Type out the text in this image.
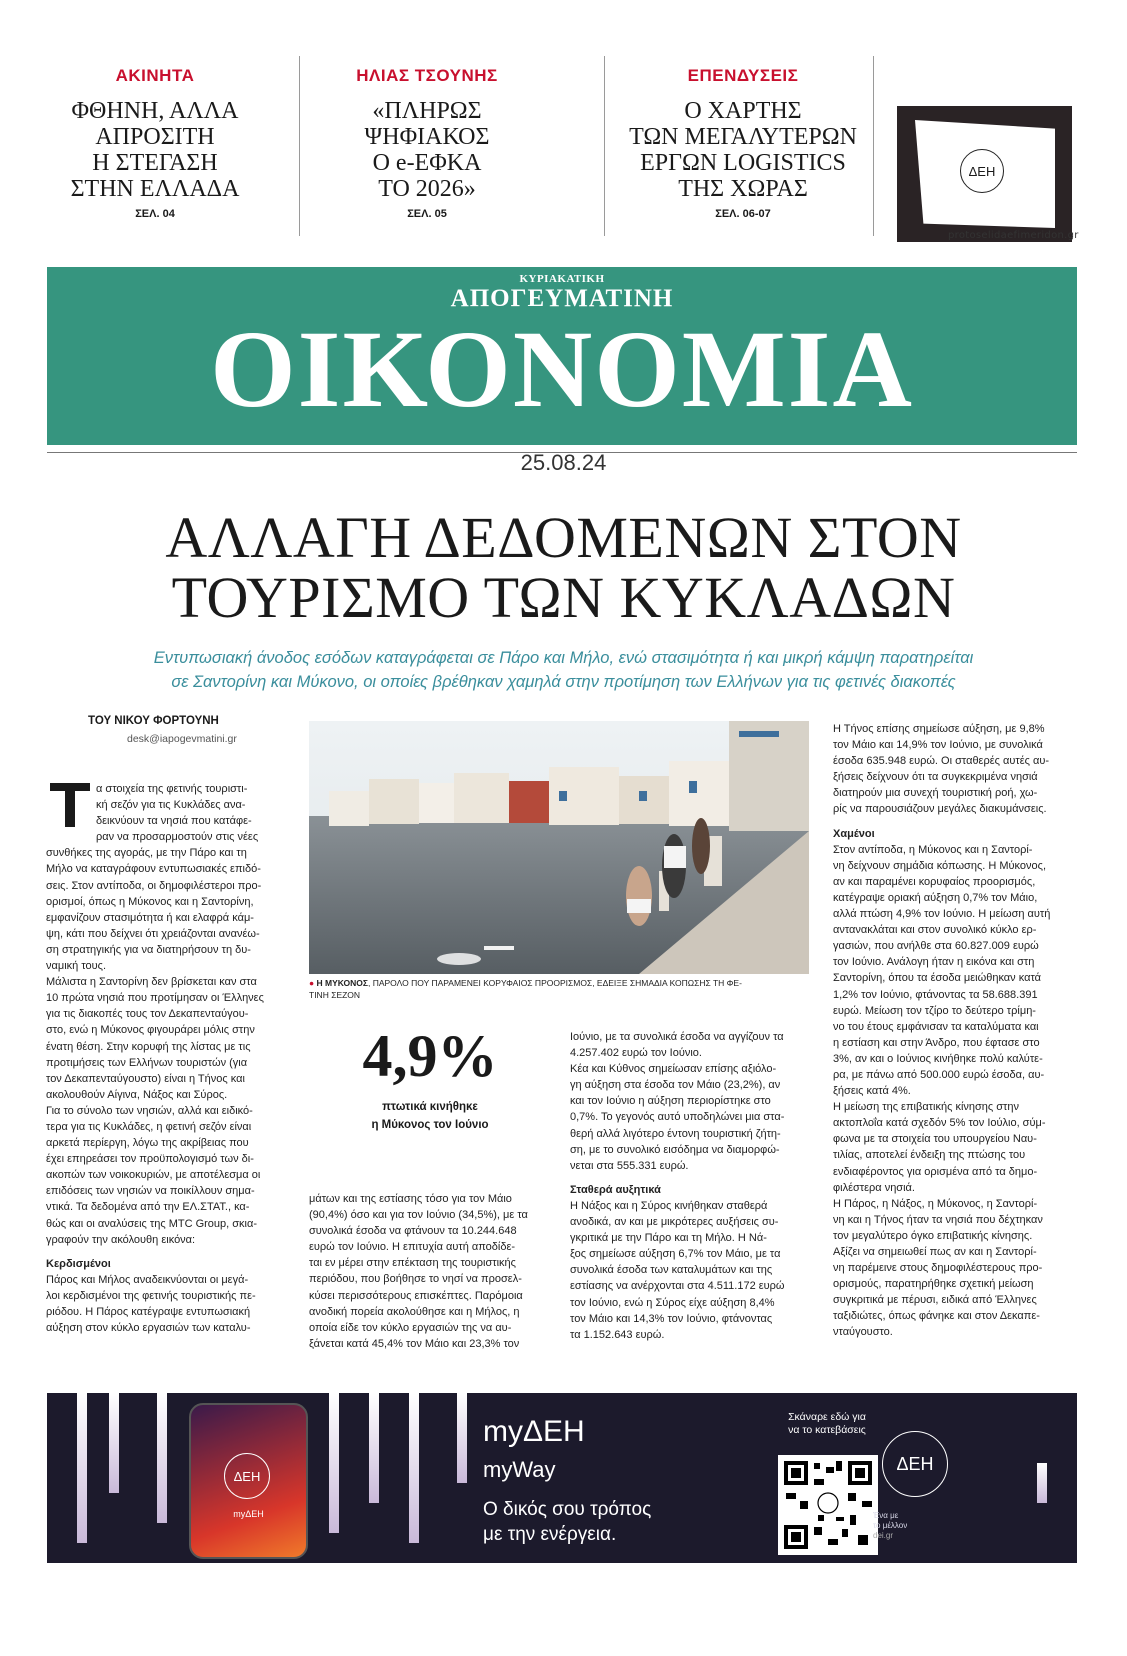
ΑΚΙΝΗΤΑ
ΦΘΗΝΗ, ΑΛΛΑ
ΑΠΡΟΣΙΤΗ
Η ΣΤΕΓΑΣΗ
ΣΤΗΝ ΕΛΛΑΔΑ
ΣΕΛ. 04
ΗΛΙΑΣ ΤΣΟΥΝΗΣ
«ΠΛΗΡΩΣ
ΨΗΦΙΑΚΟΣ
Ο e-ΕΦΚΑ
ΤΟ 2026»
ΣΕΛ. 05
ΕΠΕΝΔΥΣΕΙΣ
Ο ΧΑΡΤΗΣ
ΤΩΝ ΜΕΓΑΛΥΤΕΡΩΝ
ΕΡΓΩΝ LOGISTICS
ΤΗΣ ΧΩΡΑΣ
ΣΕΛ. 06-07
ΔΕΗ
protoselidaefimeridon.gr
ΚΥΡΙΑΚΑΤΙΚΗ
ΑΠΟΓΕΥΜΑΤΙΝΗ
ΟΙΚΟΝΟΜΙΑ
25.08.24
ΑΛΛΑΓΗ ΔΕΔΟΜΕΝΩΝ ΣΤΟΝ
ΤΟΥΡΙΣΜΟ ΤΩΝ ΚΥΚΛΑΔΩΝ
Εντυπωσιακή άνοδος εσόδων καταγράφεται σε Πάρο και Μήλο, ενώ στασιμότητα ή και μικρή κάμψη παρατηρείται
σε Σαντορίνη και Μύκονο, οι οποίες βρέθηκαν χαμηλά στην προτίμηση των Ελλήνων για τις φετινές διακοπές
ΤΟΥ ΝΙΚΟΥ ΦΟΡΤΟΥΝΗ
desk@iapogevmatini.gr
α στοιχεία της φετινής τουριστι-
κή σεζόν για τις Κυκλάδες ανα-
δεικνύουν τα νησιά που κατάφε-
ραν να προσαρμοστούν στις νέες
συνθήκες της αγοράς, με την Πάρο και τη
Μήλο να καταγράφουν εντυπωσιακές επιδό-
σεις. Στον αντίποδα, οι δημοφιλέστεροι προ-
ορισμοί, όπως η Μύκονος και η Σαντορίνη,
εμφανίζουν στασιμότητα ή και ελαφρά κάμ-
ψη, κάτι που δείχνει ότι χρειάζονται ανανέω-
ση στρατηγικής για να διατηρήσουν τη δυ-
ναμική τους.
Μάλιστα η Σαντορίνη δεν βρίσκεται καν στα
10 πρώτα νησιά που προτίμησαν οι Έλληνες
για τις διακοπές τους τον Δεκαπενταύγου-
στο, ενώ η Μύκονος φιγουράρει μόλις στην
ένατη θέση. Στην κορυφή της λίστας με τις
προτιμήσεις των Ελλήνων τουριστών (για
τον Δεκαπενταύγουστο) είναι η Τήνος και
ακολουθούν Αίγινα, Νάξος και Σύρος.
Για το σύνολο των νησιών, αλλά και ειδικό-
τερα για τις Κυκλάδες, η φετινή σεζόν είναι
αρκετά περίεργη, λόγω της ακρίβειας που
έχει επηρεάσει τον προϋπολογισμό των δι-
ακοπών των νοικοκυριών, με αποτέλεσμα οι
επιδόσεις των νησιών να ποικίλλουν σημα-
ντικά. Τα δεδομένα από την ΕΛ.ΣΤΑΤ., κα-
θώς και οι αναλύσεις της MTC Group, σκια-
γραφούν την ακόλουθη εικόνα:
Κερδισμένοι
Πάρος και Μήλος αναδεικνύονται οι μεγά-
λοι κερδισμένοι της φετινής τουριστικής πε-
ριόδου. Η Πάρος κατέγραψε εντυπωσιακή
αύξηση στον κύκλο εργασιών των καταλυ-
● Η ΜΥΚΟΝΟΣ, ΠΑΡΟΛΟ ΠΟΥ ΠΑΡΑΜΕΝΕΙ ΚΟΡΥΦΑΙΟΣ ΠΡΟΟΡΙΣΜΟΣ, ΕΔΕΙΞΕ ΣΗΜΑΔΙΑ ΚΟΠΩΣΗΣ ΤΗ ΦΕ-
ΤΙΝΗ ΣΕΖΟΝ
4,9%
πτωτικά κινήθηκε
η Μύκονος τον Ιούνιο
μάτων και της εστίασης τόσο για τον Μάιο
(90,4%) όσο και για τον Ιούνιο (34,5%), με τα
συνολικά έσοδα να φτάνουν τα 10.244.648
ευρώ τον Ιούνιο. Η επιτυχία αυτή αποδίδε-
ται εν μέρει στην επέκταση της τουριστικής
περιόδου, που βοήθησε το νησί να προσελ-
κύσει περισσότερους επισκέπτες. Παρόμοια
ανοδική πορεία ακολούθησε και η Μήλος, η
οποία είδε τον κύκλο εργασιών της να αυ-
ξάνεται κατά 45,4% τον Μάιο και 23,3% τον
Ιούνιο, με τα συνολικά έσοδα να αγγίζουν τα
4.257.402 ευρώ τον Ιούνιο.
Κέα και Κύθνος σημείωσαν επίσης αξιόλο-
γη αύξηση στα έσοδα τον Μάιο (23,2%), αν
και τον Ιούνιο η αύξηση περιορίστηκε στο
0,7%. Το γεγονός αυτό υποδηλώνει μια στα-
θερή αλλά λιγότερο έντονη τουριστική ζήτη-
ση, με το συνολικό εισόδημα να διαμορφώ-
νεται στα 555.331 ευρώ.
Σταθερά αυξητικά
Η Νάξος και η Σύρος κινήθηκαν σταθερά
ανοδικά, αν και με μικρότερες αυξήσεις συ-
γκριτικά με την Πάρο και τη Μήλο. Η Νά-
ξος σημείωσε αύξηση 6,7% τον Μάιο, με τα
συνολικά έσοδα των καταλυμάτων και της
εστίασης να ανέρχονται στα 4.511.172 ευρώ
τον Ιούνιο, ενώ η Σύρος είχε αύξηση 8,4%
τον Μάιο και 14,3% τον Ιούνιο, φτάνοντας
τα 1.152.643 ευρώ.
Η Τήνος επίσης σημείωσε αύξηση, με 9,8%
τον Μάιο και 14,9% τον Ιούνιο, με συνολικά
έσοδα 635.948 ευρώ. Οι σταθερές αυτές αυ-
ξήσεις δείχνουν ότι τα συγκεκριμένα νησιά
διατηρούν μια συνεχή τουριστική ροή, χω-
ρίς να παρουσιάζουν μεγάλες διακυμάνσεις.
Χαμένοι
Στον αντίποδα, η Μύκονος και η Σαντορί-
νη δείχνουν σημάδια κόπωσης. Η Μύκονος,
αν και παραμένει κορυφαίος προορισμός,
κατέγραψε οριακή αύξηση 0,7% τον Μάιο,
αλλά πτώση 4,9% τον Ιούνιο. Η μείωση αυτή
αντανακλάται και στον συνολικό κύκλο ερ-
γασιών, που ανήλθε στα 60.827.009 ευρώ
τον Ιούνιο. Ανάλογη ήταν η εικόνα και στη
Σαντορίνη, όπου τα έσοδα μειώθηκαν κατά
1,2% τον Ιούνιο, φτάνοντας τα 58.688.391
ευρώ. Μείωση τον τζίρο το δεύτερο τρίμη-
νο του έτους εμφάνισαν τα καταλύματα και
η εστίαση και στην Άνδρο, που έφτασε στο
3%, αν και ο Ιούνιος κινήθηκε πολύ καλύτε-
ρα, με πάνω από 500.000 ευρώ έσοδα, αυ-
ξήσεις κατά 4%.
Η μείωση της επιβατικής κίνησης στην
ακτοπλοΐα κατά σχεδόν 5% τον Ιούλιο, σύμ-
φωνα με τα στοιχεία του υπουργείου Ναυ-
τιλίας, αποτελεί ένδειξη της πτώσης του
ενδιαφέροντος για ορισμένα από τα δημο-
φιλέστερα νησιά.
Η Πάρος, η Νάξος, η Μύκονος, η Σαντορί-
νη και η Τήνος ήταν τα νησιά που δέχτηκαν
τον μεγαλύτερο όγκο επιβατικής κίνησης.
Αξίζει να σημειωθεί πως αν και η Σαντορί-
νη παρέμεινε στους δημοφιλέστερους προ-
ορισμούς, παρατηρήθηκε σχετική μείωση
συγκριτικά με πέρυσι, ειδικά από Έλληνες
ταξιδιώτες, όπως φάνηκε και στον Δεκαπε-
νταύγουστο.
ΔΕΗ
myΔΕΗ
myΔΕΗ
myWay
Ο δικός σου τρόπος
με την ενέργεια.
Σκάναρε εδώ για
να το κατεβάσεις
ΔΕΗ
Ένα με
το μέλλον
dei.gr
